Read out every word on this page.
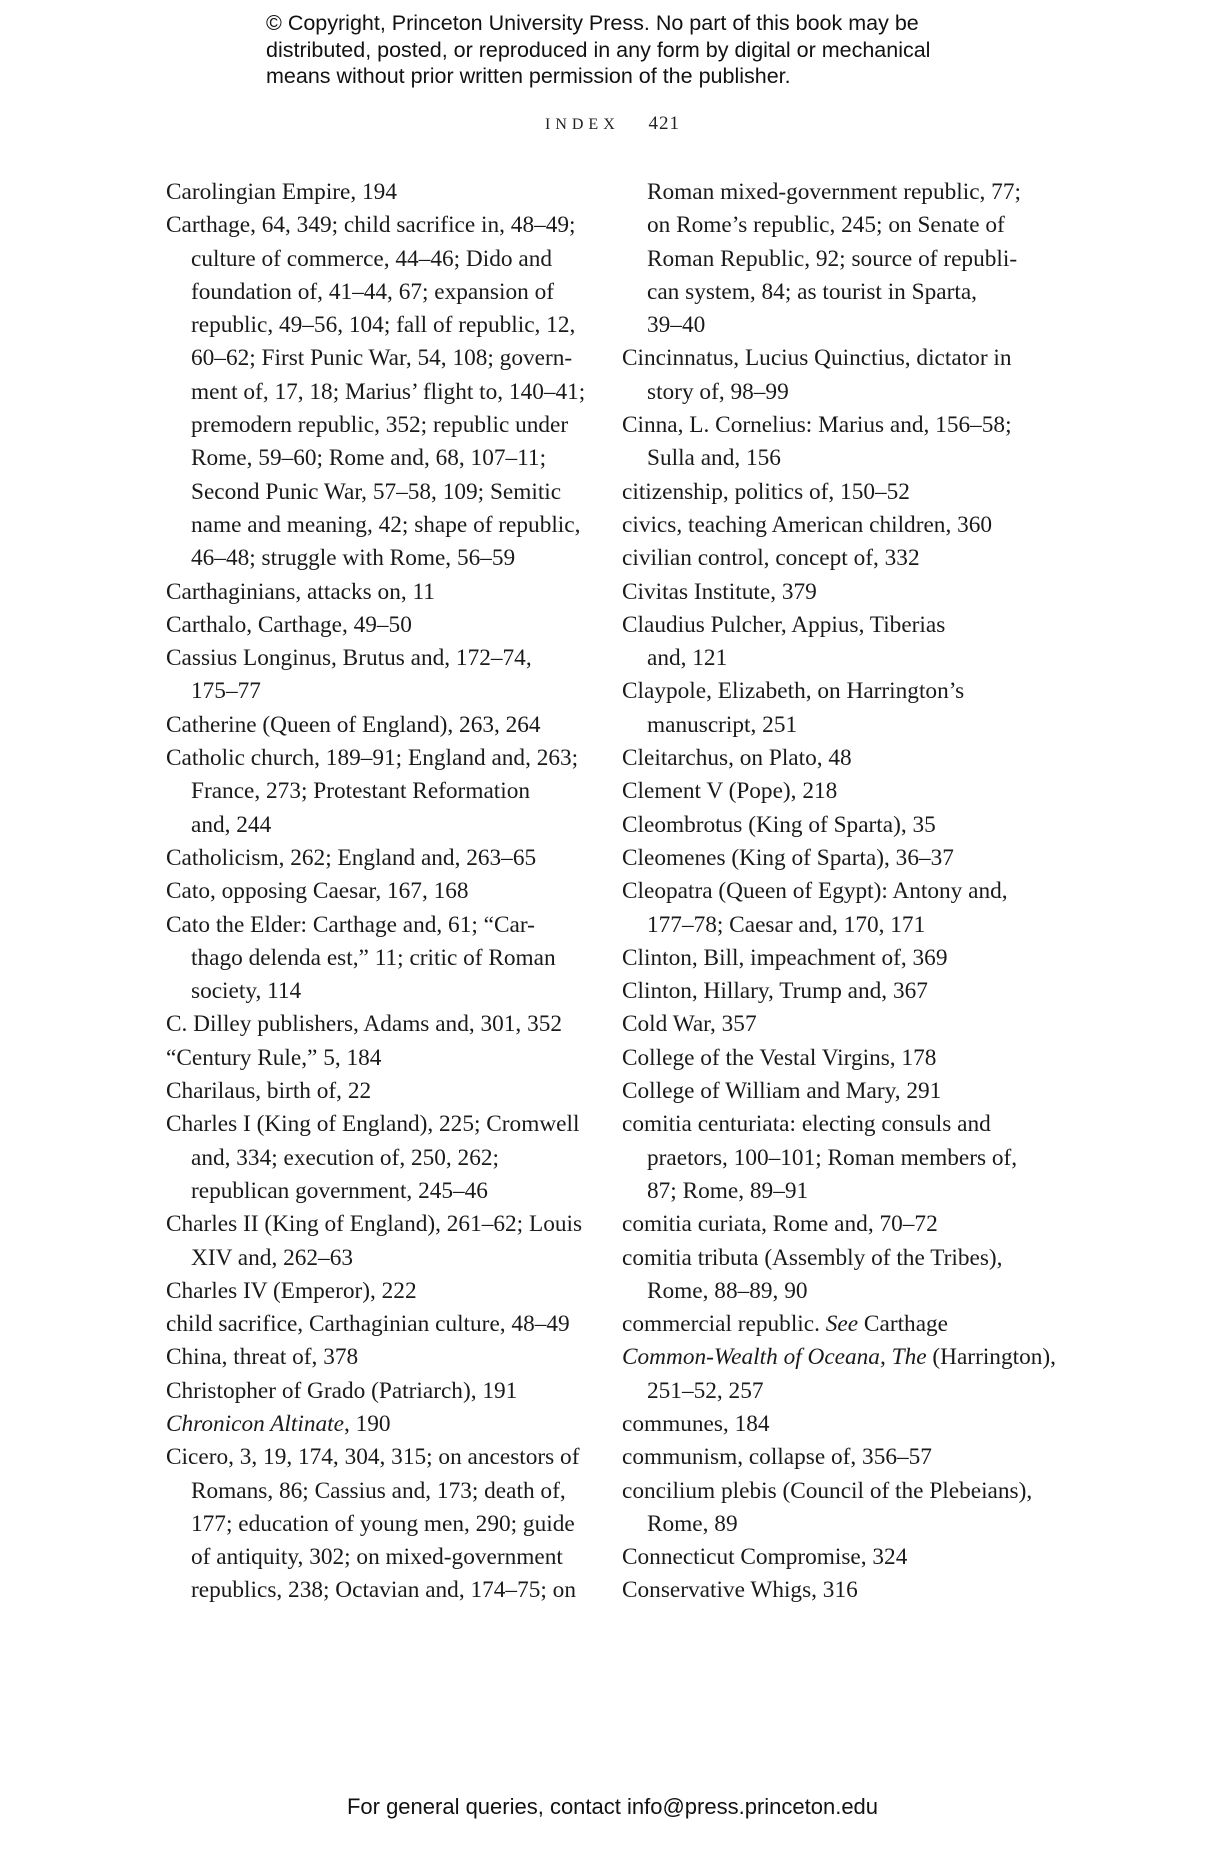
© Copyright, Princeton University Press. No part of this book may be

distributed, posted, or reproduced in any form by digital or mechanical

means without prior written permission of the publisher.

INDEX 421
Carolingian Empire, 194
Carthage, 64, 349; child sacrifice in, 48–49;
culture of commerce, 44–46; Dido and
foundation of, 41–44, 67; expansion of
republic, 49–56, 104; fall of republic, 12,
60–62; First Punic War, 54, 108; govern-
ment of, 17, 18; Marius’ flight to, 140–41;
premodern republic, 352; republic under
Rome, 59–60; Rome and, 68, 107–11;
Second Punic War, 57–58, 109; Semitic
name and meaning, 42; shape of republic,
46–48; struggle with Rome, 56–59
Carthaginians, attacks on, 11
Carthalo, Carthage, 49–50
Cassius Longinus, Brutus and, 172–74,
175–77
Catherine (Queen of England), 263, 264
Catholic church, 189–91; England and, 263;
France, 273; Protestant Reformation
and, 244
Catholicism, 262; England and, 263–65
Cato, opposing Caesar, 167, 168
Cato the Elder: Carthage and, 61; “Car-
thago delenda est,” 11; critic of Roman
society, 114
C. Dilley publishers, Adams and, 301, 352
“Century Rule,” 5, 184
Charilaus, birth of, 22
Charles I (King of England), 225; Cromwell
and, 334; execution of, 250, 262;
republican government, 245–46
Charles II (King of England), 261–62; Louis
XIV and, 262–63
Charles IV (Emperor), 222
child sacrifice, Carthaginian culture, 48–49
China, threat of, 378
Christopher of Grado (Patriarch), 191
Chronicon Altinate, 190
Cicero, 3, 19, 174, 304, 315; on ancestors of
Romans, 86; Cassius and, 173; death of,
177; education of young men, 290; guide
of antiquity, 302; on mixed-government
republics, 238; Octavian and, 174–75; on
Roman mixed-government republic, 77;
on Rome’s republic, 245; on Senate of
Roman Republic, 92; source of republi-
can system, 84; as tourist in Sparta,
39–40
Cincinnatus, Lucius Quinctius, dictator in
story of, 98–99
Cinna, L. Cornelius: Marius and, 156–58;
Sulla and, 156
citizenship, politics of, 150–52
civics, teaching American children, 360
civilian control, concept of, 332
Civitas Institute, 379
Claudius Pulcher, Appius, Tiberias
and, 121
Claypole, Elizabeth, on Harrington’s
manuscript, 251
Cleitarchus, on Plato, 48
Clement V (Pope), 218
Cleombrotus (King of Sparta), 35
Cleomenes (King of Sparta), 36–37
Cleopatra (Queen of Egypt): Antony and,
177–78; Caesar and, 170, 171
Clinton, Bill, impeachment of, 369
Clinton, Hillary, Trump and, 367
Cold War, 357
College of the Vestal Virgins, 178
College of William and Mary, 291
comitia centuriata: electing consuls and
praetors, 100–101; Roman members of,
87; Rome, 89–91
comitia curiata, Rome and, 70–72
comitia tributa (Assembly of the Tribes),
Rome, 88–89, 90
commercial republic. See Carthage
Common-Wealth of Oceana, The (Harrington),
251–52, 257
communes, 184
communism, collapse of, 356–57
concilium plebis (Council of the Plebeians),
Rome, 89
Connecticut Compromise, 324
Conservative Whigs, 316
For general queries, contact info@press.princeton.edu
